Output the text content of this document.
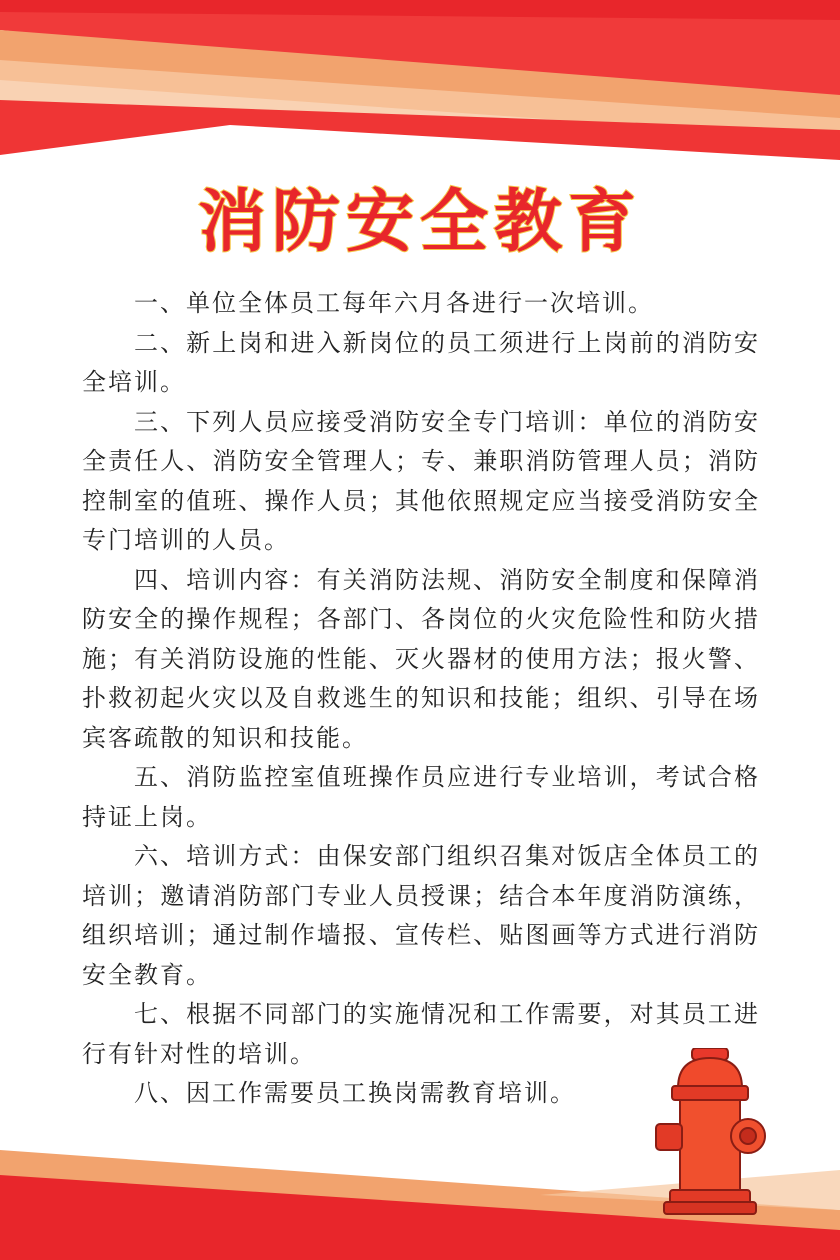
消防安全教育

一、单位全体员工每年六月各进行一次培训。

二、新上岗和进入新岗位的员工须进行上岗前的消防安全培训。

三、下列人员应接受消防安全专门培训：单位的消防安全责任人、消防安全管理人；专、兼职消防管理人员；消防控制室的值班、操作人员；其他依照规定应当接受消防安全专门培训的人员。

四、培训内容：有关消防法规、消防安全制度和保障消防安全的操作规程；各部门、各岗位的火灾危险性和防火措施；有关消防设施的性能、灭火器材的使用方法；报火警、扑救初起火灾以及自救逃生的知识和技能；组织、引导在场宾客疏散的知识和技能。

五、消防监控室值班操作员应进行专业培训，考试合格持证上岗。

六、培训方式：由保安部门组织召集对饭店全体员工的培训；邀请消防部门专业人员授课；结合本年度消防演练，组织培训；通过制作墙报、宣传栏、贴图画等方式进行消防安全教育。

七、根据不同部门的实施情况和工作需要，对其员工进行有针对性的培训。

八、因工作需要员工换岗需教育培训。
